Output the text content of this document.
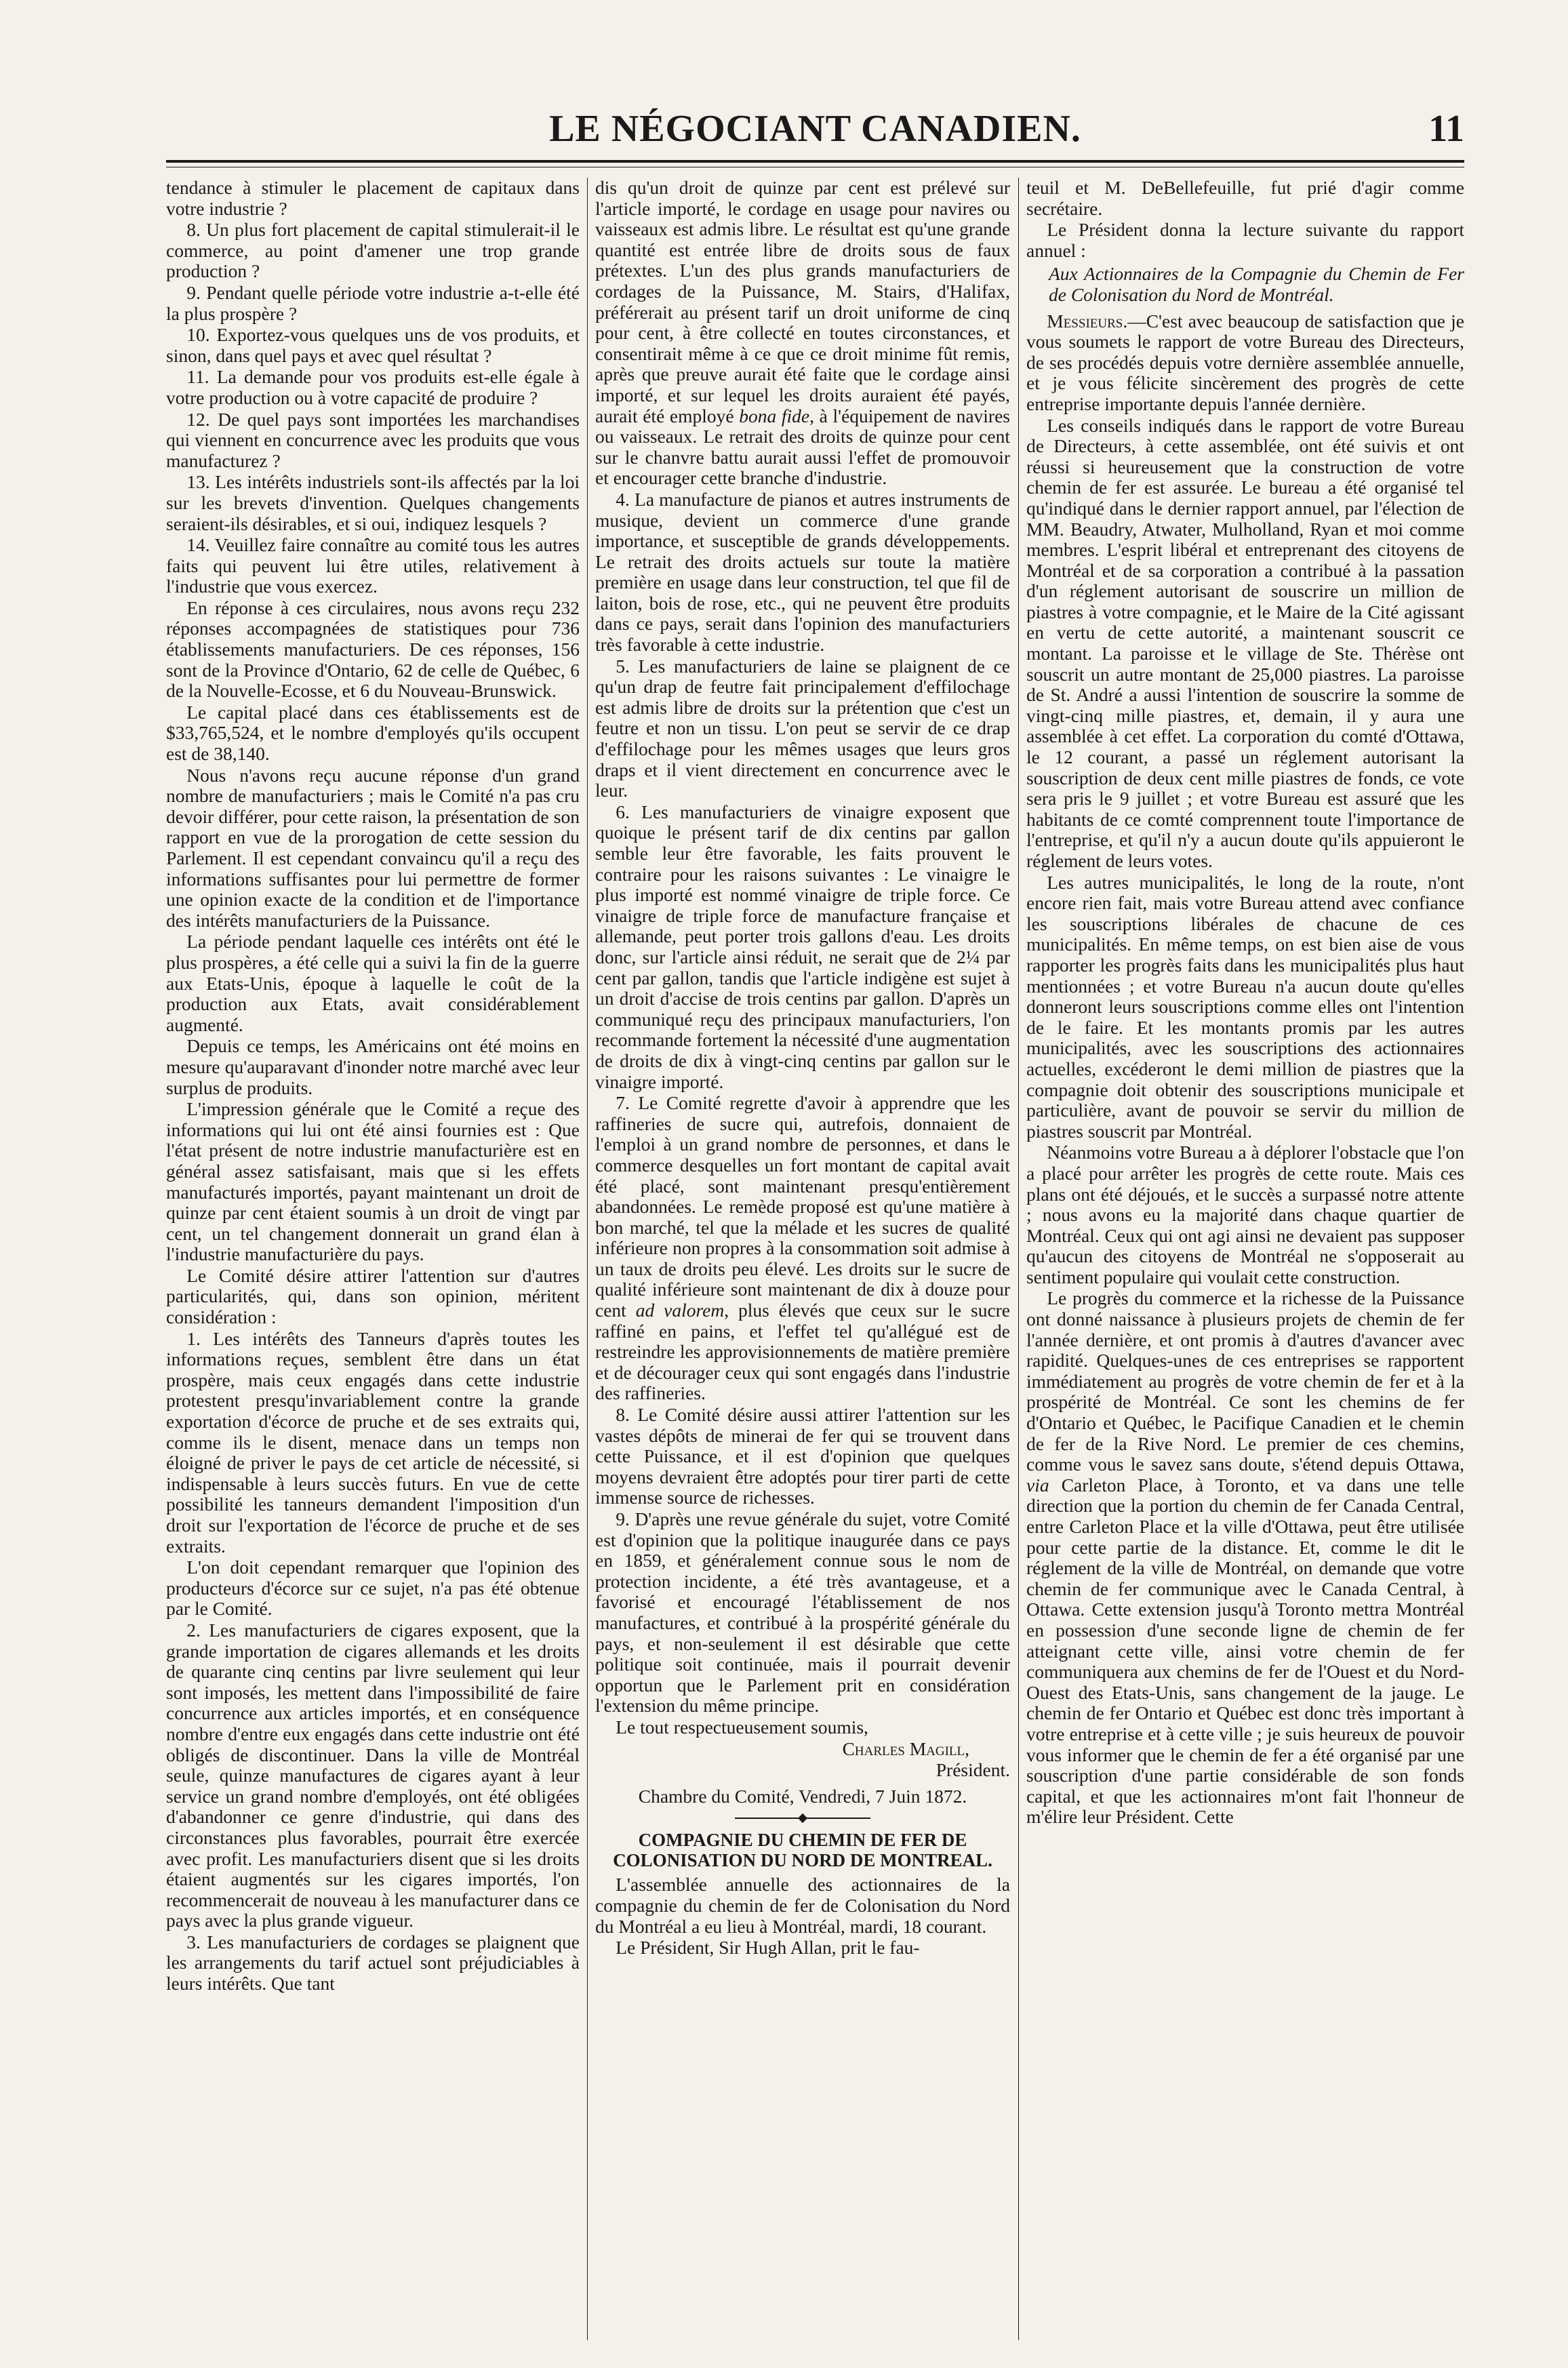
LE NÉGOCIANT CANADIEN.	11

tendance à stimuler le placement de capitaux dans votre industrie ?

8. Un plus fort placement de capital stimulerait-il le commerce, au point d'amener une trop grande production ?

9. Pendant quelle période votre industrie a-t-elle été la plus prospère ?

10. Exportez-vous quelques uns de vos produits, et sinon, dans quel pays et avec quel résultat ?

11. La demande pour vos produits est-elle égale à votre production ou à votre capacité de produire ?

12. De quel pays sont importées les marchandises qui viennent en concurrence avec les produits que vous manufacturez ?

13. Les intérêts industriels sont-ils affectés par la loi sur les brevets d'invention. Quelques changements seraient-ils désirables, et si oui, indiquez lesquels ?

14. Veuillez faire connaître au comité tous les autres faits qui peuvent lui être utiles, relativement à l'industrie que vous exercez.

En réponse à ces circulaires, nous avons reçu 232 réponses accompagnées de statistiques pour 736 établissements manufacturiers. De ces réponses, 156 sont de la Province d'Ontario, 62 de celle de Québec, 6 de la Nouvelle-Ecosse, et 6 du Nouveau-Brunswick.

Le capital placé dans ces établissements est de $33,765,524, et le nombre d'employés qu'ils occupent est de 38,140.

Nous n'avons reçu aucune réponse d'un grand nombre de manufacturiers ; mais le Comité n'a pas cru devoir différer, pour cette raison, la présentation de son rapport en vue de la prorogation de cette session du Parlement. Il est cependant convaincu qu'il a reçu des informations suffisantes pour lui permettre de former une opinion exacte de la condition et de l'importance des intérêts manufacturiers de la Puissance.

La période pendant laquelle ces intérêts ont été le plus prospères, a été celle qui a suivi la fin de la guerre aux Etats-Unis, époque à laquelle le coût de la production aux Etats, avait considérablement augmenté.

Depuis ce temps, les Américains ont été moins en mesure qu'auparavant d'inonder notre marché avec leur surplus de produits.

L'impression générale que le Comité a reçue des informations qui lui ont été ainsi fournies est : Que l'état présent de notre industrie manufacturière est en général assez satisfaisant, mais que si les effets manufacturés importés, payant maintenant un droit de quinze par cent étaient soumis à un droit de vingt par cent, un tel changement donnerait un grand élan à l'industrie manufacturière du pays.

Le Comité désire attirer l'attention sur d'autres particularités, qui, dans son opinion, méritent considération :

1. Les intérêts des Tanneurs d'après toutes les informations reçues, semblent être dans un état prospère, mais ceux engagés dans cette industrie protestent presqu'invariablement contre la grande exportation d'écorce de pruche et de ses extraits qui, comme ils le disent, menace dans un temps non éloigné de priver le pays de cet article de nécessité, si indispensable à leurs succès futurs. En vue de cette possibilité les tanneurs demandent l'imposition d'un droit sur l'exportation de l'écorce de pruche et de ses extraits.

L'on doit cependant remarquer que l'opinion des producteurs d'écorce sur ce sujet, n'a pas été obtenue par le Comité.

2. Les manufacturiers de cigares exposent, que la grande importation de cigares allemands et les droits de quarante cinq centins par livre seulement qui leur sont imposés, les mettent dans l'impossibilité de faire concurrence aux articles importés, et en conséquence nombre d'entre eux engagés dans cette industrie ont été obligés de discontinuer. Dans la ville de Montréal seule, quinze manufactures de cigares ayant à leur service un grand nombre d'employés, ont été obligées d'abandonner ce genre d'industrie, qui dans des circonstances plus favorables, pourrait être exercée avec profit. Les manufacturiers disent que si les droits étaient augmentés sur les cigares importés, l'on recommencerait de nouveau à les manufacturer dans ce pays avec la plus grande vigueur.

3. Les manufacturiers de cordages se plaignent que les arrangements du tarif actuel sont préjudiciables à leurs intérêts. Que tant

dis qu'un droit de quinze par cent est prélevé sur l'article importé, le cordage en usage pour navires ou vaisseaux est admis libre. Le résultat est qu'une grande quantité est entrée libre de droits sous de faux prétextes. L'un des plus grands manufacturiers de cordages de la Puissance, M. Stairs, d'Halifax, préférerait au présent tarif un droit uniforme de cinq pour cent, à être collecté en toutes circonstances, et consentirait même à ce que ce droit minime fût remis, après que preuve aurait été faite que le cordage ainsi importé, et sur lequel les droits auraient été payés, aurait été employé bona fide, à l'équipement de navires ou vaisseaux. Le retrait des droits de quinze pour cent sur le chanvre battu aurait aussi l'effet de promouvoir et encourager cette branche d'industrie.

4. La manufacture de pianos et autres instruments de musique, devient un commerce d'une grande importance, et susceptible de grands développements. Le retrait des droits actuels sur toute la matière première en usage dans leur construction, tel que fil de laiton, bois de rose, etc., qui ne peuvent être produits dans ce pays, serait dans l'opinion des manufacturiers très favorable à cette industrie.

5. Les manufacturiers de laine se plaignent de ce qu'un drap de feutre fait principalement d'effilochage est admis libre de droits sur la prétention que c'est un feutre et non un tissu. L'on peut se servir de ce drap d'effilochage pour les mêmes usages que leurs gros draps et il vient directement en concurrence avec le leur.

6. Les manufacturiers de vinaigre exposent que quoique le présent tarif de dix centins par gallon semble leur être favorable, les faits prouvent le contraire pour les raisons suivantes : Le vinaigre le plus importé est nommé vinaigre de triple force. Ce vinaigre de triple force de manufacture française et allemande, peut porter trois gallons d'eau. Les droits donc, sur l'article ainsi réduit, ne serait que de 2¼ par cent par gallon, tandis que l'article indigène est sujet à un droit d'accise de trois centins par gallon. D'après un communiqué reçu des principaux manufacturiers, l'on recommande fortement la nécessité d'une augmentation de droits de dix à vingt-cinq centins par gallon sur le vinaigre importé.

7. Le Comité regrette d'avoir à apprendre que les raffineries de sucre qui, autrefois, donnaient de l'emploi à un grand nombre de personnes, et dans le commerce desquelles un fort montant de capital avait été placé, sont maintenant presqu'entièrement abandonnées. Le remède proposé est qu'une matière à bon marché, tel que la mélade et les sucres de qualité inférieure non propres à la consommation soit admise à un taux de droits peu élevé. Les droits sur le sucre de qualité inférieure sont maintenant de dix à douze pour cent ad valorem, plus élevés que ceux sur le sucre raffiné en pains, et l'effet tel qu'allégué est de restreindre les approvisionnements de matière première et de décourager ceux qui sont engagés dans l'industrie des raffineries.

8. Le Comité désire aussi attirer l'attention sur les vastes dépôts de minerai de fer qui se trouvent dans cette Puissance, et il est d'opinion que quelques moyens devraient être adoptés pour tirer parti de cette immense source de richesses.

9. D'après une revue générale du sujet, votre Comité est d'opinion que la politique inaugurée dans ce pays en 1859, et généralement connue sous le nom de protection incidente, a été très avantageuse, et a favorisé et encouragé l'établissement de nos manufactures, et contribué à la prospérité générale du pays, et non-seulement il est désirable que cette politique soit continuée, mais il pourrait devenir opportun que le Parlement prit en considération l'extension du même principe.

Le tout respectueusement soumis,

Charles Magill,

Président.

Chambre du Comité, Vendredi, 7 Juin 1872.

COMPAGNIE DU CHEMIN DE FER DE COLONISATION DU NORD DE MONTREAL.

L'assemblée annuelle des actionnaires de la compagnie du chemin de fer de Colonisation du Nord du Montréal a eu lieu à Montréal, mardi, 18 courant.

Le Président, Sir Hugh Allan, prit le fau-

teuil et M. DeBellefeuille, fut prié d'agir comme secrétaire.

Le Président donna la lecture suivante du rapport annuel :

Aux Actionnaires de la Compagnie du Chemin de Fer de Colonisation du Nord de Montréal.

Messieurs.—C'est avec beaucoup de satisfaction que je vous soumets le rapport de votre Bureau des Directeurs, de ses procédés depuis votre dernière assemblée annuelle, et je vous félicite sincèrement des progrès de cette entreprise importante depuis l'année dernière.

Les conseils indiqués dans le rapport de votre Bureau de Directeurs, à cette assemblée, ont été suivis et ont réussi si heureusement que la construction de votre chemin de fer est assurée. Le bureau a été organisé tel qu'indiqué dans le dernier rapport annuel, par l'élection de MM. Beaudry, Atwater, Mulholland, Ryan et moi comme membres. L'esprit libéral et entreprenant des citoyens de Montréal et de sa corporation a contribué à la passation d'un réglement autorisant de souscrire un million de piastres à votre compagnie, et le Maire de la Cité agissant en vertu de cette autorité, a maintenant souscrit ce montant. La paroisse et le village de Ste. Thérèse ont souscrit un autre montant de 25,000 piastres. La paroisse de St. André a aussi l'intention de souscrire la somme de vingt-cinq mille piastres, et, demain, il y aura une assemblée à cet effet. La corporation du comté d'Ottawa, le 12 courant, a passé un réglement autorisant la souscription de deux cent mille piastres de fonds, ce vote sera pris le 9 juillet ; et votre Bureau est assuré que les habitants de ce comté comprennent toute l'importance de l'entreprise, et qu'il n'y a aucun doute qu'ils appuieront le réglement de leurs votes.

Les autres municipalités, le long de la route, n'ont encore rien fait, mais votre Bureau attend avec confiance les souscriptions libérales de chacune de ces municipalités. En même temps, on est bien aise de vous rapporter les progrès faits dans les municipalités plus haut mentionnées ; et votre Bureau n'a aucun doute qu'elles donneront leurs souscriptions comme elles ont l'intention de le faire. Et les montants promis par les autres municipalités, avec les souscriptions des actionnaires actuelles, excéderont le demi million de piastres que la compagnie doit obtenir des souscriptions municipale et particulière, avant de pouvoir se servir du million de piastres souscrit par Montréal.

Néanmoins votre Bureau a à déplorer l'obstacle que l'on a placé pour arrêter les progrès de cette route. Mais ces plans ont été déjoués, et le succès a surpassé notre attente ; nous avons eu la majorité dans chaque quartier de Montréal. Ceux qui ont agi ainsi ne devaient pas supposer qu'aucun des citoyens de Montréal ne s'opposerait au sentiment populaire qui voulait cette construction.

Le progrès du commerce et la richesse de la Puissance ont donné naissance à plusieurs projets de chemin de fer l'année dernière, et ont promis à d'autres d'avancer avec rapidité. Quelques-unes de ces entreprises se rapportent immédiatement au progrès de votre chemin de fer et à la prospérité de Montréal. Ce sont les chemins de fer d'Ontario et Québec, le Pacifique Canadien et le chemin de fer de la Rive Nord. Le premier de ces chemins, comme vous le savez sans doute, s'étend depuis Ottawa, via Carleton Place, à Toronto, et va dans une telle direction que la portion du chemin de fer Canada Central, entre Carleton Place et la ville d'Ottawa, peut être utilisée pour cette partie de la distance. Et, comme le dit le réglement de la ville de Montréal, on demande que votre chemin de fer communique avec le Canada Central, à Ottawa. Cette extension jusqu'à Toronto mettra Montréal en possession d'une seconde ligne de chemin de fer atteignant cette ville, ainsi votre chemin de fer communiquera aux chemins de fer de l'Ouest et du Nord-Ouest des Etats-Unis, sans changement de la jauge. Le chemin de fer Ontario et Québec est donc très important à votre entreprise et à cette ville ; je suis heureux de pouvoir vous informer que le chemin de fer a été organisé par une souscription d'une partie considérable de son fonds capital, et que les actionnaires m'ont fait l'honneur de m'élire leur Président. Cette
